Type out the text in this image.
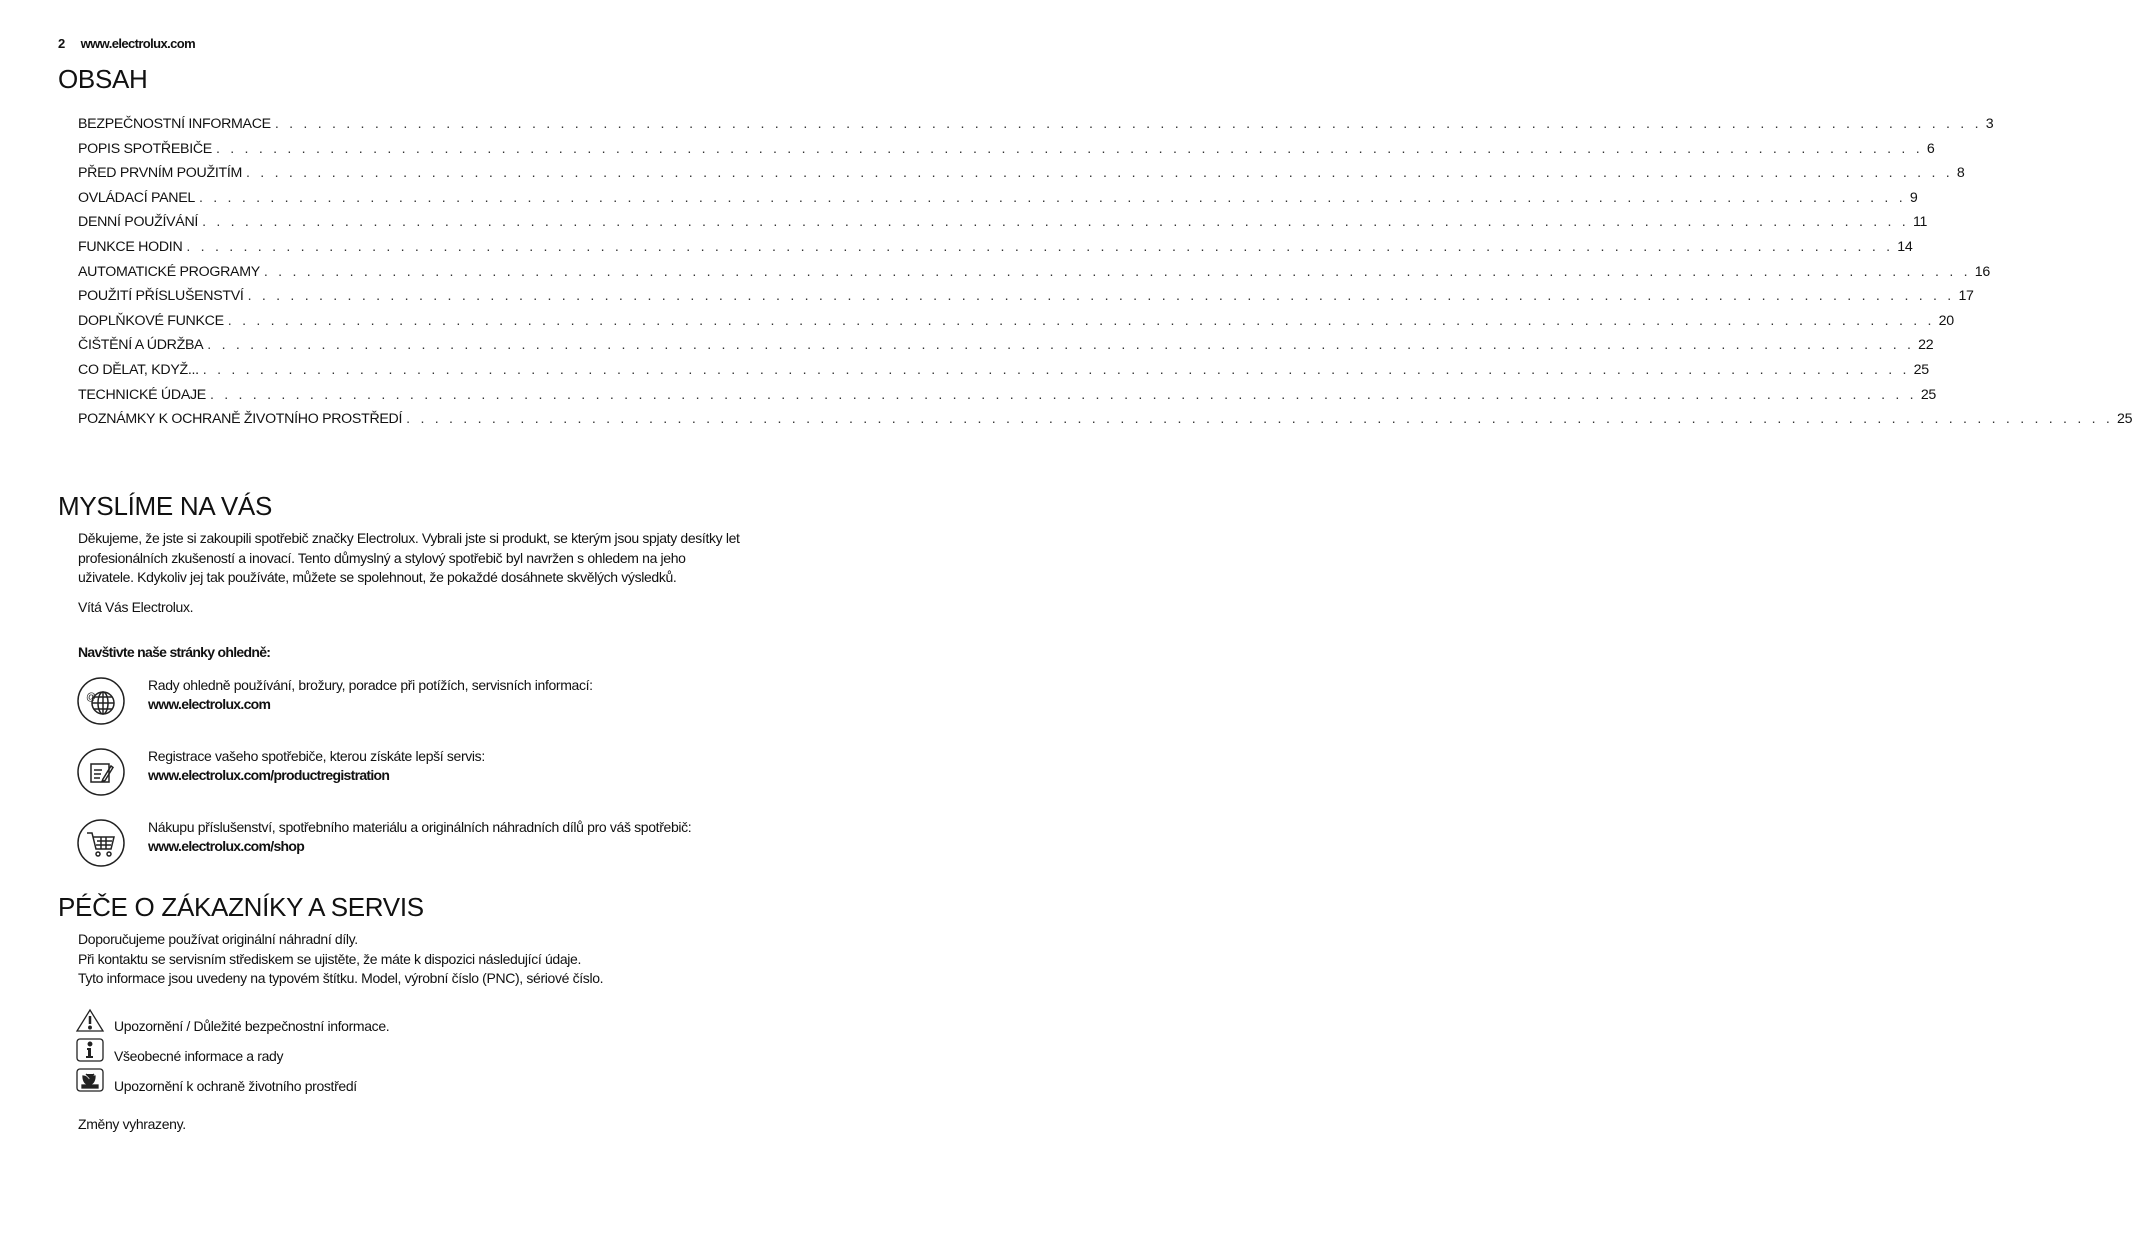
2 www.electrolux.com
OBSAH
BEZPEČNOSTNÍ INFORMACE . . . . . . . . . . . . . . . . . . . . . . . . . . . . . . . . . . . . . . . . . . . . . . . . . . . . . . . . . . . . . . . . . . . . . . . . . . . . . . . . . . . . . . . . . . . . . . . . . . . . . . . . . . . . . . . . . . . . . . . . 3
POPIS SPOTŘEBIČE . . . . . . . . . . . . . . . . . . . . . . . . . . . . . . . . . . . . . . . . . . . . . . . . . . . . . . . . . . . . . . . . . . . . . . . . . . . . . . . . . . . . . . . . . . . . . . . . . . . . . . . . . . . . . . . . . . . . . . . . 6
PŘED PRVNÍM POUŽITÍM . . . . . . . . . . . . . . . . . . . . . . . . . . . . . . . . . . . . . . . . . . . . . . . . . . . . . . . . . . . . . . . . . . . . . . . . . . . . . . . . . . . . . . . . . . . . . . . . . . . . . . . . . . . . . . . . . . . . . . . . 8
OVLÁDACÍ PANEL . . . . . . . . . . . . . . . . . . . . . . . . . . . . . . . . . . . . . . . . . . . . . . . . . . . . . . . . . . . . . . . . . . . . . . . . . . . . . . . . . . . . . . . . . . . . . . . . . . . . . . . . . . . . . . . . . . . . . . . . 9
DENNÍ POUŽÍVÁNÍ . . . . . . . . . . . . . . . . . . . . . . . . . . . . . . . . . . . . . . . . . . . . . . . . . . . . . . . . . . . . . . . . . . . . . . . . . . . . . . . . . . . . . . . . . . . . . . . . . . . . . . . . . . . . . . . . . . . . . . . . 11
FUNKCE HODIN . . . . . . . . . . . . . . . . . . . . . . . . . . . . . . . . . . . . . . . . . . . . . . . . . . . . . . . . . . . . . . . . . . . . . . . . . . . . . . . . . . . . . . . . . . . . . . . . . . . . . . . . . . . . . . . . . . . . . . . . 14
AUTOMATICKÉ PROGRAMY . . . . . . . . . . . . . . . . . . . . . . . . . . . . . . . . . . . . . . . . . . . . . . . . . . . . . . . . . . . . . . . . . . . . . . . . . . . . . . . . . . . . . . . . . . . . . . . . . . . . . . . . . . . . . . . . . . . . . . . . 16
POUŽITÍ PŘÍSLUŠENSTVÍ . . . . . . . . . . . . . . . . . . . . . . . . . . . . . . . . . . . . . . . . . . . . . . . . . . . . . . . . . . . . . . . . . . . . . . . . . . . . . . . . . . . . . . . . . . . . . . . . . . . . . . . . . . . . . . . . . . . . . . . . 17
DOPLŇKOVÉ FUNKCE . . . . . . . . . . . . . . . . . . . . . . . . . . . . . . . . . . . . . . . . . . . . . . . . . . . . . . . . . . . . . . . . . . . . . . . . . . . . . . . . . . . . . . . . . . . . . . . . . . . . . . . . . . . . . . . . . . . . . . . . 20
ČIŠTĚNÍ A ÚDRŽBA . . . . . . . . . . . . . . . . . . . . . . . . . . . . . . . . . . . . . . . . . . . . . . . . . . . . . . . . . . . . . . . . . . . . . . . . . . . . . . . . . . . . . . . . . . . . . . . . . . . . . . . . . . . . . . . . . . . . . . . . 22
CO DĚLAT, KDYŽ... . . . . . . . . . . . . . . . . . . . . . . . . . . . . . . . . . . . . . . . . . . . . . . . . . . . . . . . . . . . . . . . . . . . . . . . . . . . . . . . . . . . . . . . . . . . . . . . . . . . . . . . . . . . . . . . . . . . . . . . . 25
TECHNICKÉ ÚDAJE . . . . . . . . . . . . . . . . . . . . . . . . . . . . . . . . . . . . . . . . . . . . . . . . . . . . . . . . . . . . . . . . . . . . . . . . . . . . . . . . . . . . . . . . . . . . . . . . . . . . . . . . . . . . . . . . . . . . . . . . 25
POZNÁMKY K OCHRANĚ ŽIVOTNÍHO PROSTŘEDÍ . . . . . . . . . . . . . . . . . . . . . . . . . . . . . . . . . . . . . . . . . . . . . . . . . . . . . . . . . . . . . . . . . . . . . . . . . . . . . . . . . . . . . . . . . . . . . . . . . . . . . . . . . . . . . . . . . . . . . . . . 25
MYSLÍME NA VÁS
Děkujeme, že jste si zakoupili spotřebič značky Electrolux. Vybrali jste si produkt, se kterým jsou spjaty desítky let
profesionálních zkušeností a inovací. Tento důmyslný a stylový spotřebič byl navržen s ohledem na jeho
uživatele. Kdykoliv jej tak používáte, můžete se spolehnout, že pokaždé dosáhnete skvělých výsledků.
Vítá Vás Electrolux.
Navštivte naše stránky ohledně:
@
Rady ohledně používání, brožury, poradce při potížích, servisních informací:
www.electrolux.com
Registrace vašeho spotřebiče, kterou získáte lepší servis:
www.electrolux.com/productregistration
Nákupu příslušenství, spotřebního materiálu a originálních náhradních dílů pro váš spotřebič:
www.electrolux.com/shop
PÉČE O ZÁKAZNÍKY A SERVIS
Doporučujeme používat originální náhradní díly.
Při kontaktu se servisním střediskem se ujistěte, že máte k dispozici následující údaje.
Tyto informace jsou uvedeny na typovém štítku. Model, výrobní číslo (PNC), sériové číslo.
Upozornění / Důležité bezpečnostní informace.
Všeobecné informace a rady
Upozornění k ochraně životního prostředí
Změny vyhrazeny.
